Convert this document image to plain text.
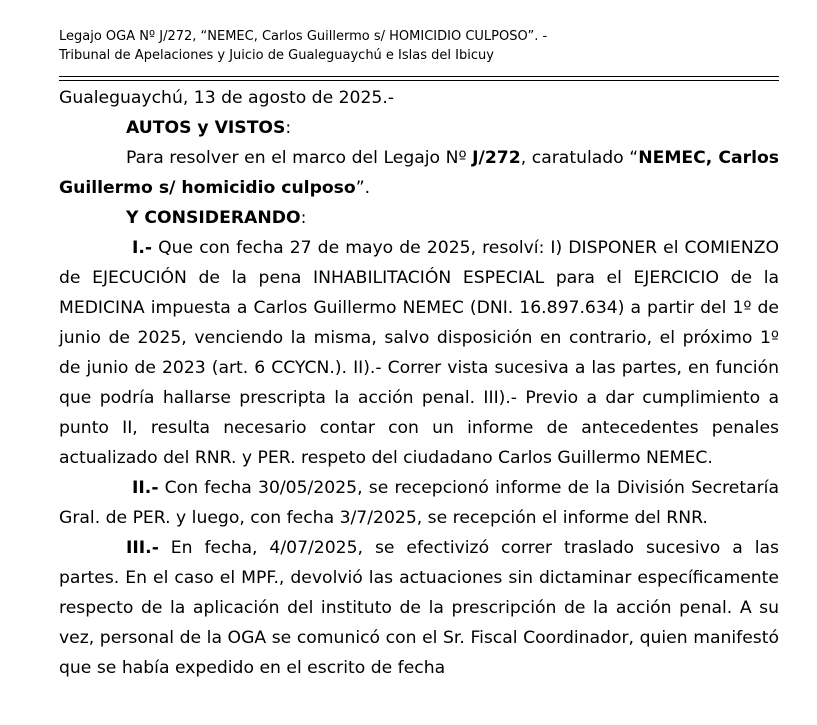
Legajo OGA Nº J/272, “NEMEC, Carlos Guillermo s/ HOMICIDIO CULPOSO”. -
Tribunal de Apelaciones y Juicio de Gualeguaychú e Islas del Ibicuy

Gualeguaychú, 13 de agosto de 2025.-

AUTOS y VISTOS:

Para resolver en el marco del Legajo Nº J/272, caratulado “NEMEC, Carlos Guillermo s/ homicidio culposo”.

Y CONSIDERANDO:

I.- Que con fecha 27 de mayo de 2025, resolví: I) DISPONER el COMIENZO de EJECUCIÓN de la pena INHABILITACIÓN ESPECIAL para el EJERCICIO de la MEDICINA impuesta a Carlos Guillermo NEMEC (DNI. 16.897.634) a partir del 1º de junio de 2025, venciendo la misma, salvo disposición en contrario, el próximo 1º de junio de 2023 (art. 6 CCYCN.). II).- Correr vista sucesiva a las partes, en función que podría hallarse prescripta la acción penal. III).- Previo a dar cumplimiento a punto II, resulta necesario contar con un informe de antecedentes penales actualizado del RNR. y PER. respeto del ciudadano Carlos Guillermo NEMEC.

II.- Con fecha 30/05/2025, se recepcionó informe de la División Secretaría Gral. de PER. y luego, con fecha 3/7/2025, se recepción el informe del RNR.

III.- En fecha, 4/07/2025, se efectivizó correr traslado sucesivo a las partes. En el caso el MPF., devolvió las actuaciones sin dictaminar específicamente respecto de la aplicación del instituto de la prescripción de la acción penal. A su vez, personal de la OGA se comunicó con el Sr. Fiscal Coordinador, quien manifestó que se había expedido en el escrito de fecha
